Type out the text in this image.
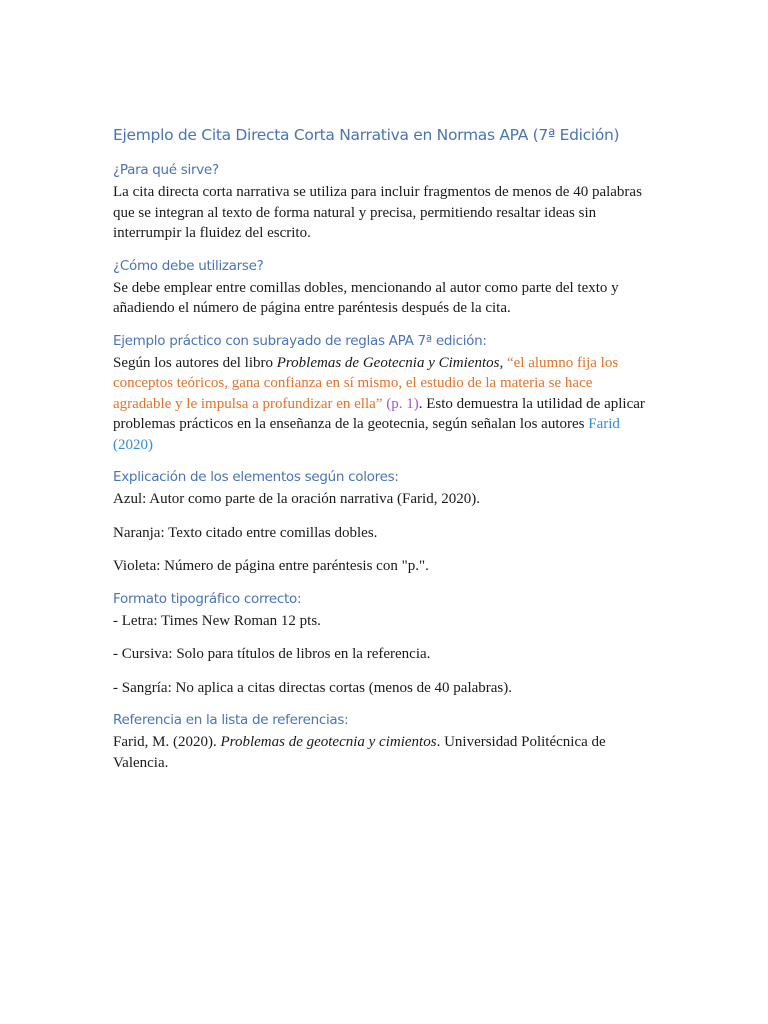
Ejemplo de Cita Directa Corta Narrativa en Normas APA (7ª Edición)
¿Para qué sirve?

La cita directa corta narrativa se utiliza para incluir fragmentos de menos de 40 palabras que se integran al texto de forma natural y precisa, permitiendo resaltar ideas sin interrumpir la fluidez del escrito.

¿Cómo debe utilizarse?

Se debe emplear entre comillas dobles, mencionando al autor como parte del texto y añadiendo el número de página entre paréntesis después de la cita.

Ejemplo práctico con subrayado de reglas APA 7ª edición:

Según los autores del libro Problemas de Geotecnia y Cimientos, “el alumno fija los conceptos teóricos, gana confianza en sí mismo, el estudio de la materia se hace agradable y le impulsa a profundizar en ella” (p. 1). Esto demuestra la utilidad de aplicar problemas prácticos en la enseñanza de la geotecnia, según señalan los autores Farid (2020)

Explicación de los elementos según colores:

Azul: Autor como parte de la oración narrativa (Farid, 2020).

Naranja: Texto citado entre comillas dobles.

Violeta: Número de página entre paréntesis con "p.".

Formato tipográfico correcto:

- Letra: Times New Roman 12 pts.

- Cursiva: Solo para títulos de libros en la referencia.

- Sangría: No aplica a citas directas cortas (menos de 40 palabras).

Referencia en la lista de referencias:

Farid, M. (2020). Problemas de geotecnia y cimientos. Universidad Politécnica de Valencia.
